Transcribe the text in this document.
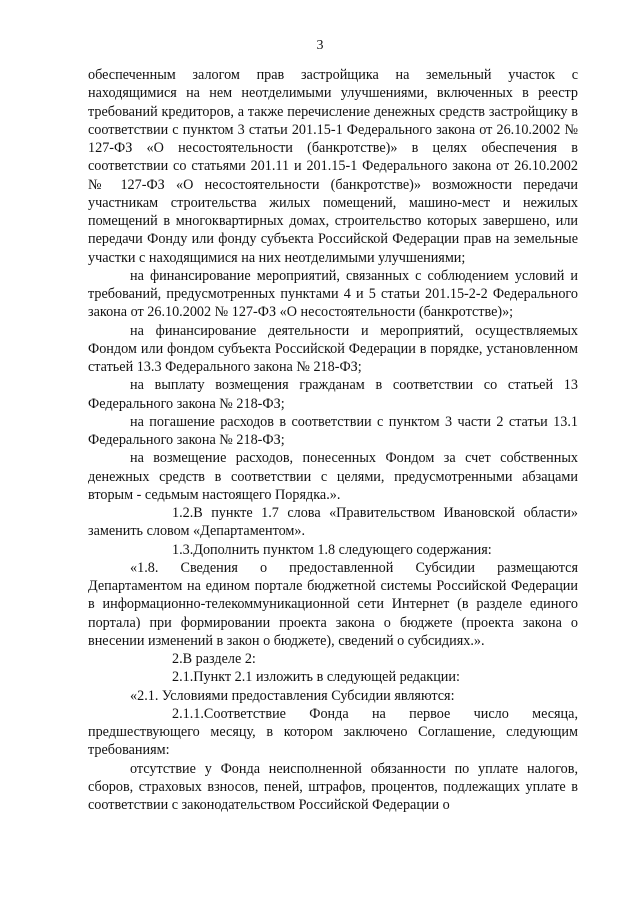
3

обеспеченным залогом прав застройщика на земельный участок с находящимися на нем неотделимыми улучшениями, включенных в реестр требований кредиторов, а также перечисление денежных средств застройщику в соответствии с пунктом 3 статьи 201.15-1 Федерального закона от 26.10.2002 № 127-ФЗ «О несостоятельности (банкротстве)» в целях обеспечения в соответствии со статьями 201.11 и 201.15-1 Федерального закона от 26.10.2002 № 127-ФЗ «О несостоятельности (банкротстве)» возможности передачи участникам строительства жилых помещений, машино-мест и нежилых помещений в многоквартирных домах, строительство которых завершено, или передачи Фонду или фонду субъекта Российской Федерации прав на земельные участки с находящимися на них неотделимыми улучшениями;

на финансирование мероприятий, связанных с соблюдением условий и требований, предусмотренных пунктами 4 и 5 статьи 201.15-2-2 Федерального закона от 26.10.2002 № 127-ФЗ «О несостоятельности (банкротстве)»;

на финансирование деятельности и мероприятий, осуществляемых Фондом или фондом субъекта Российской Федерации в порядке, установленном статьей 13.3 Федерального закона № 218-ФЗ;

на выплату возмещения гражданам в соответствии со статьей 13 Федерального закона № 218-ФЗ;

на погашение расходов в соответствии с пунктом 3 части 2 статьи 13.1 Федерального закона № 218-ФЗ;

на возмещение расходов, понесенных Фондом за счет собственных денежных средств в соответствии с целями, предусмотренными абзацами вторым - седьмым настоящего Порядка.».

1.2.В пункте 1.7 слова «Правительством Ивановской области» заменить словом «Департаментом».

1.3.Дополнить пунктом 1.8 следующего содержания:

«1.8. Сведения о предоставленной Субсидии размещаются Департаментом на едином портале бюджетной системы Российской Федерации в информационно-телекоммуникационной сети Интернет (в разделе единого портала) при формировании проекта закона о бюджете (проекта закона о внесении изменений в закон о бюджете), сведений о субсидиях.».

2.В разделе 2:

2.1.Пункт 2.1 изложить в следующей редакции:

«2.1. Условиями предоставления Субсидии являются:

2.1.1.Соответствие Фонда на первое число месяца, предшествующего месяцу, в котором заключено Соглашение, следующим требованиям:

отсутствие у Фонда неисполненной обязанности по уплате налогов, сборов, страховых взносов, пеней, штрафов, процентов, подлежащих уплате в соответствии с законодательством Российской Федерации о
